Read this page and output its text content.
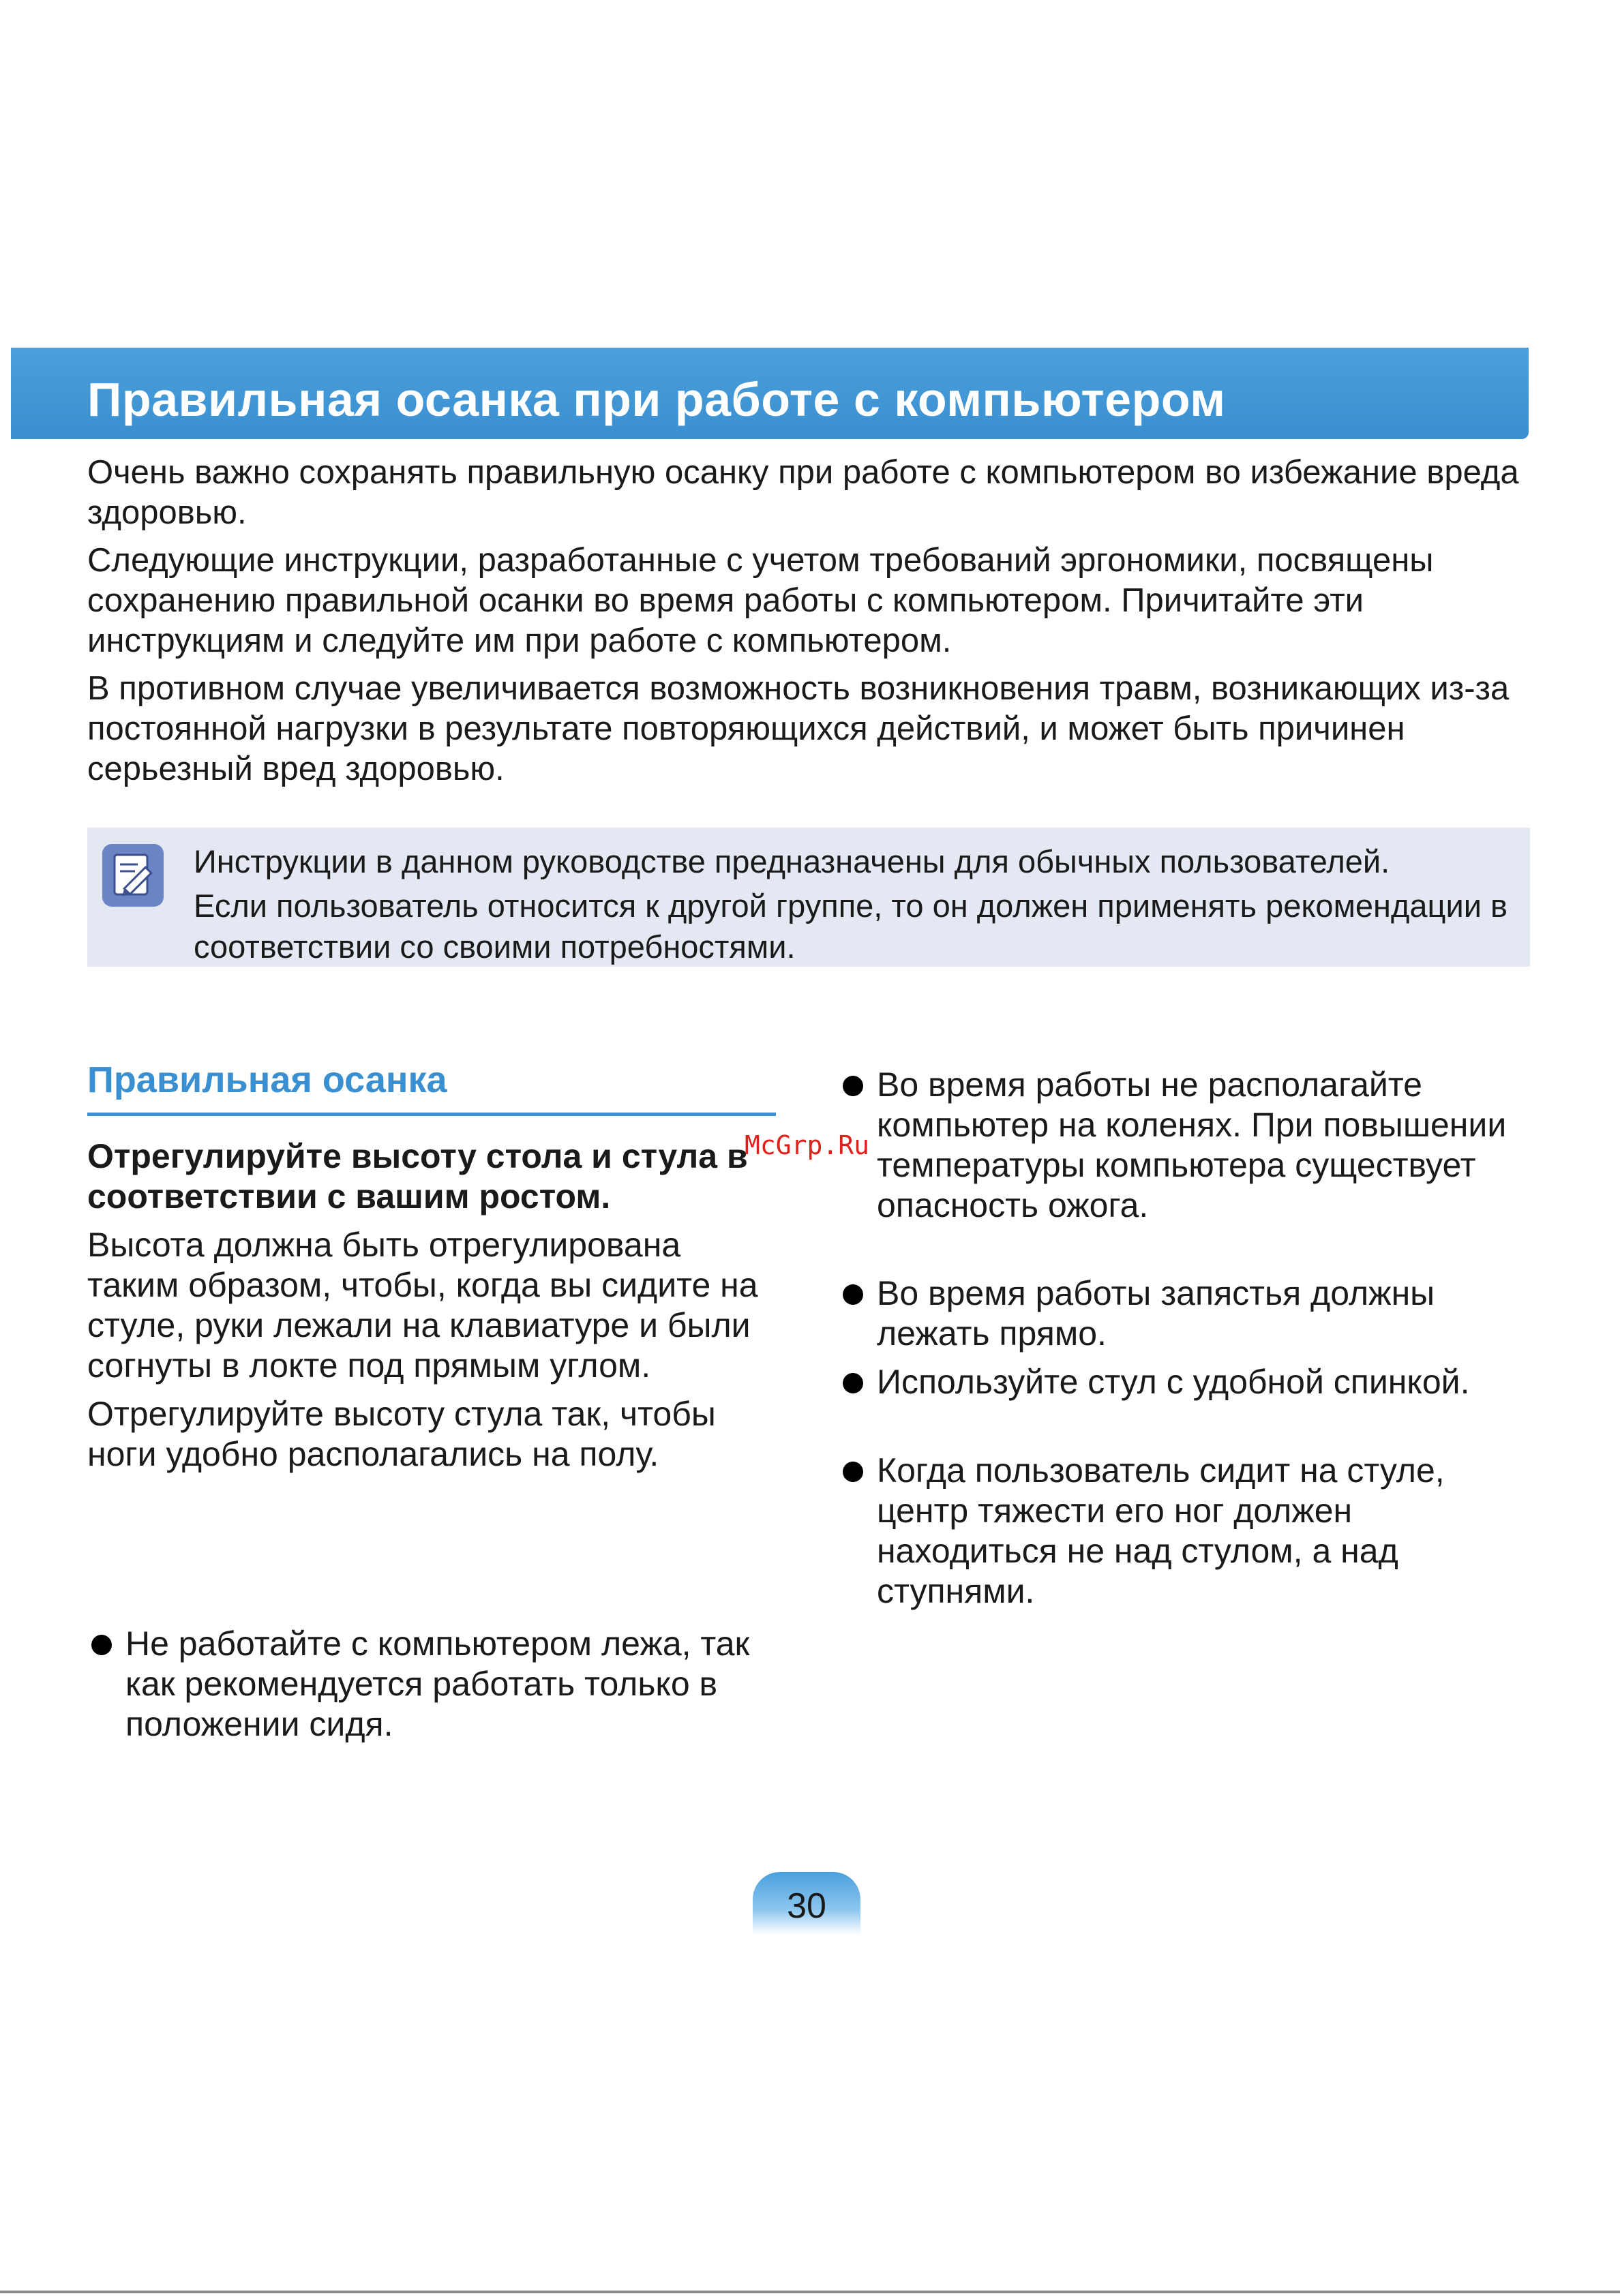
Правильная осанка при работе с компьютером

Очень важно сохранять правильную осанку при работе с компьютером во избежание вреда здоровью.

Следующие инструкции, разработанные с учетом требований эргономики, посвящены сохранению правильной осанки во время работы с компьютером. Причитайте эти инструкциям и следуйте им при работе с компьютером.

В противном случае увеличивается возможность возникновения травм, возникающих из-за постоянной нагрузки в результате повторяющихся действий, и может быть причинен серьезный вред здоровью.

Инструкции в данном руководстве предназначены для обычных пользователей.

Если пользователь относится к другой группе, то он должен применять рекомендации в соответствии со своими потребностями.

Правильная осанка

Отрегулируйте высоту стола и стула в соответствии с вашим ростом.

Высота должна быть отрегулирована таким образом, чтобы, когда вы сидите на стуле, руки лежали на клавиатуре и были согнуты в локте под прямым углом.

Отрегулируйте высоту стула так, чтобы ноги удобно располагались на полу.

Не работайте с компьютером лежа, так как рекомендуется работать только в положении сидя.
Во время работы не располагайте компьютер на коленях. При повышении температуры компьютера существует опасность ожога.
Во время работы запястья должны лежать прямо.
Используйте стул с удобной спинкой.
Когда пользователь сидит на стуле, центр тяжести его ног должен находиться не над стулом, а над ступнями.
McGrp.Ru
30
